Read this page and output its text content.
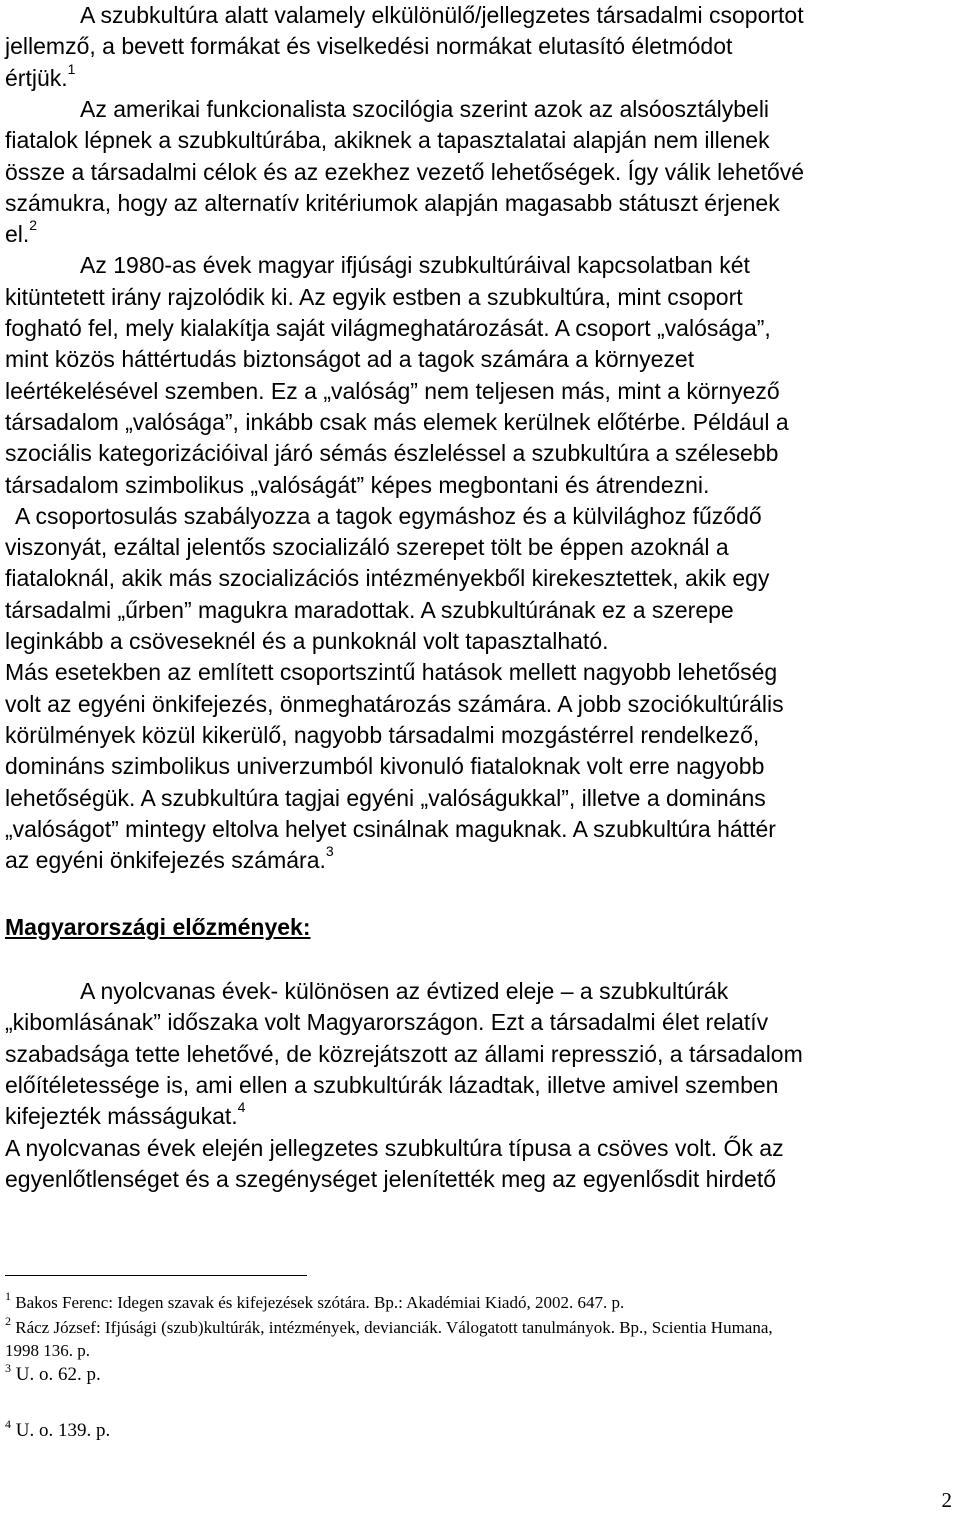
A szubkultúra alatt valamely elkülönülő/jellegzetes társadalmi csoportot
jellemző, a bevett formákat és viselkedési normákat elutasító életmódot
értjük.$^1$
Az amerikai funkcionalista szocilógia szerint azok az alsóosztálybeli
fiatalok lépnek a szubkultúrába, akiknek a tapasztalatai alapján nem illenek
össze a társadalmi célok és az ezekhez vezető lehetőségek. Így válik lehetővé
számukra, hogy az alternatív kritériumok alapján magasabb státuszt érjenek
el.$^2$
Az 1980-as évek magyar ifjúsági szubkultúráival kapcsolatban két
kitüntetett irány rajzolódik ki. Az egyik estben a szubkultúra, mint csoport
fogható fel, mely kialakítja saját világmeghatározását. A csoport „valósága”,
mint közös háttértudás biztonságot ad a tagok számára a környezet
leértékelésével szemben. Ez a „valóság” nem teljesen más, mint a környező
társadalom „valósága”, inkább csak más elemek kerülnek előtérbe. Például a
szociális kategorizációival járó sémás észleléssel a szubkultúra a szélesebb
társadalom szimbolikus „valóságát” képes megbontani és átrendezni.
A csoportosulás szabályozza a tagok egymáshoz és a külvilághoz fűződő
viszonyát, ezáltal jelentős szocializáló szerepet tölt be éppen azoknál a
fiataloknál, akik más szocializációs intézményekből kirekesztettek, akik egy
társadalmi „űrben” magukra maradottak. A szubkultúrának ez a szerepe
leginkább a csöveseknél és a punkoknál volt tapasztalható.
Más esetekben az említett csoportszintű hatások mellett nagyobb lehetőség
volt az egyéni önkifejezés, önmeghatározás számára. A jobb szociókultúrális
körülmények közül kikerülő, nagyobb társadalmi mozgástérrel rendelkező,
domináns szimbolikus univerzumból kivonuló fiataloknak volt erre nagyobb
lehetőségük. A szubkultúra tagjai egyéni „valóságukkal”, illetve a domináns
„valóságot” mintegy eltolva helyet csinálnak maguknak. A szubkultúra háttér
az egyéni önkifejezés számára.$^3$
Magyarországi előzmények:
A nyolcvanas évek- különösen az évtized eleje – a szubkultúrák
„kibomlásának” időszaka volt Magyarországon. Ezt a társadalmi élet relatív
szabadsága tette lehetővé, de közrejátszott az állami represszió, a társadalom
előítéletessége is, ami ellen a szubkultúrák lázadtak, illetve amivel szemben
kifejezték másságukat.$^4$
A nyolcvanas évek elején jellegzetes szubkultúra típusa a csöves volt. Ők az
egyenlőtlenséget és a szegénységet jelenítették meg az egyenlősdit hirdető
$^1$ Bakos Ferenc: Idegen szavak és kifejezések szótára. Bp.: Akadémiai Kiadó, 2002. 647. p.
$^2$ Rácz József: Ifjúsági (szub)kultúrák, intézmények, devianciák. Válogatott tanulmányok. Bp., Scientia Humana,
1998 136. p.
$^3$ U. o. 62. p.
$^4$ U. o. 139. p.
2
